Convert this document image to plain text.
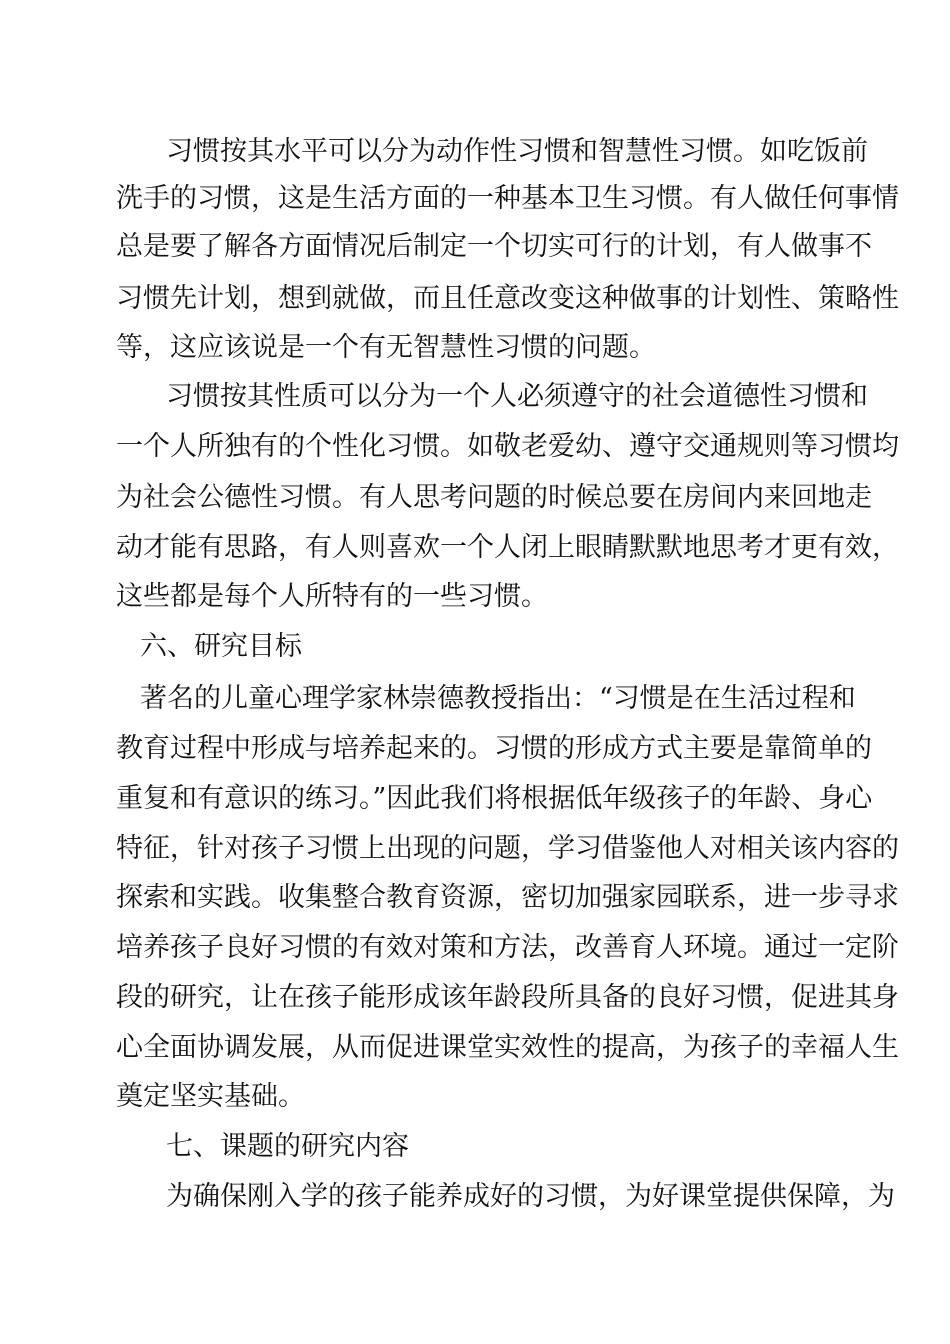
习惯按其水平可以分为动作性习惯和智慧性习惯。如吃饭前
洗手的习惯，这是生活方面的一种基本卫生习惯。有人做任何事情
总是要了解各方面情况后制定一个切实可行的计划，有人做事不
习惯先计划，想到就做，而且任意改变这种做事的计划性、策略性
等，这应该说是一个有无智慧性习惯的问题。
习惯按其性质可以分为一个人必须遵守的社会道德性习惯和
一个人所独有的个性化习惯。如敬老爱幼、遵守交通规则等习惯均
为社会公德性习惯。有人思考问题的时候总要在房间内来回地走
动才能有思路，有人则喜欢一个人闭上眼睛默默地思考才更有效，
这些都是每个人所特有的一些习惯。
六、研究目标
著名的儿童心理学家林崇德教授指出：“习惯是在生活过程和
教育过程中形成与培养起来的。习惯的形成方式主要是靠简单的
重复和有意识的练习。”因此我们将根据低年级孩子的年龄、身心
特征，针对孩子习惯上出现的问题，学习借鉴他人对相关该内容的
探索和实践。收集整合教育资源，密切加强家园联系，进一步寻求
培养孩子良好习惯的有效对策和方法，改善育人环境。通过一定阶
段的研究，让在孩子能形成该年龄段所具备的良好习惯，促进其身
心全面协调发展，从而促进课堂实效性的提高，为孩子的幸福人生
奠定坚实基础。
七、课题的研究内容
为确保刚入学的孩子能养成好的习惯，为好课堂提供保障，为
